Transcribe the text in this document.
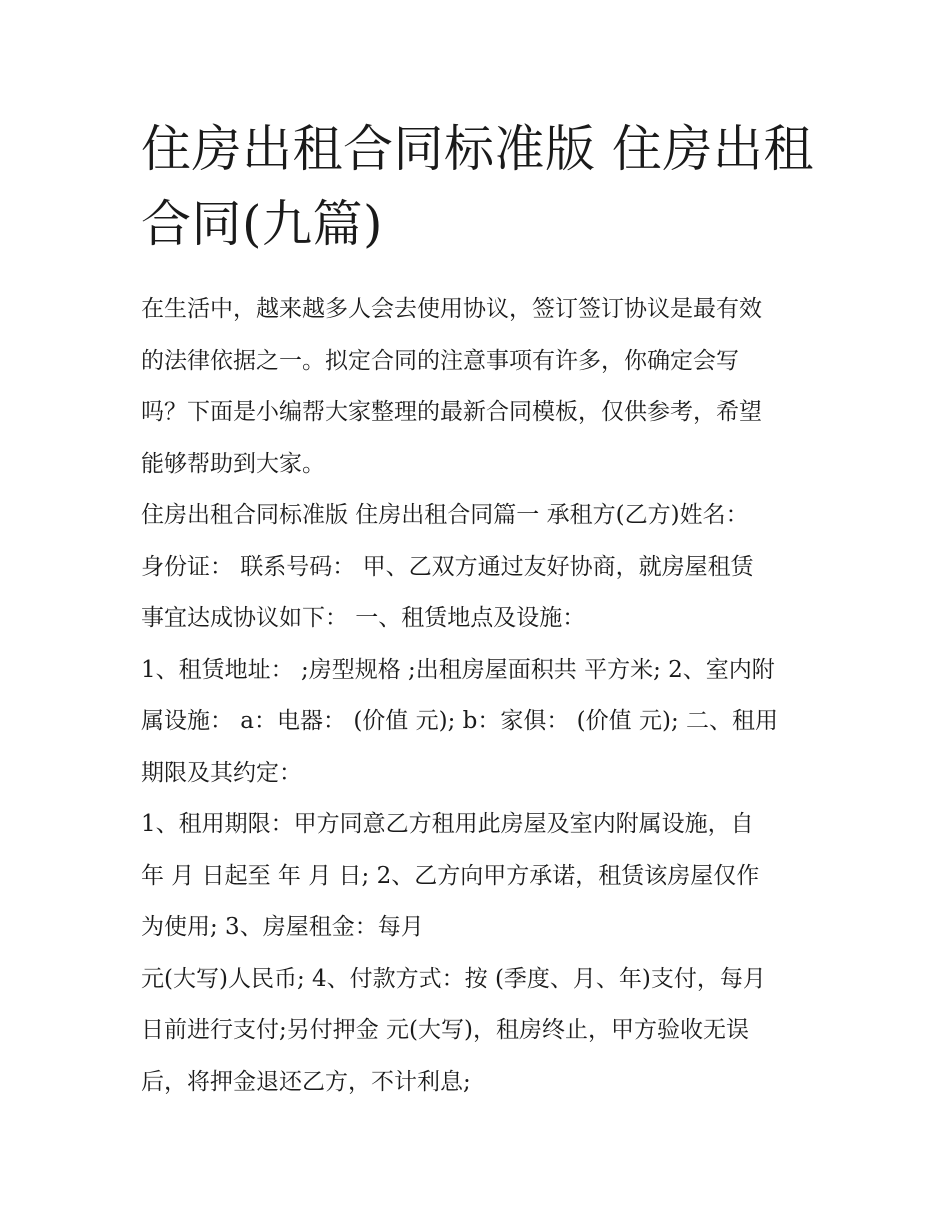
住房出租合同标准版 住房出租
合同(九篇)

在生活中，越来越多人会去使用协议，签订签订协议是最有效
的法律依据之一。拟定合同的注意事项有许多，你确定会写
吗？下面是小编帮大家整理的最新合同模板，仅供参考，希望
能够帮助到大家。

住房出租合同标准版 住房出租合同篇一 承租方(乙方)姓名：
身份证： 联系号码： 甲、乙双方通过友好协商，就房屋租赁
事宜达成协议如下： 一、租赁地点及设施：

1、租赁地址： ;房型规格 ;出租房屋面积共 平方米; 2、室内附
属设施： a：电器： (价值 元); b：家俱： (价值 元); 二、租用
期限及其约定：

1、租用期限：甲方同意乙方租用此房屋及室内附属设施，自
年 月 日起至 年 月 日; 2、乙方向甲方承诺，租赁该房屋仅作
为使用; 3、房屋租金：每月

元(大写)人民币; 4、付款方式：按 (季度、月、年)支付，每月
日前进行支付;另付押金 元(大写)，租房终止，甲方验收无误
后，将押金退还乙方，不计利息;
